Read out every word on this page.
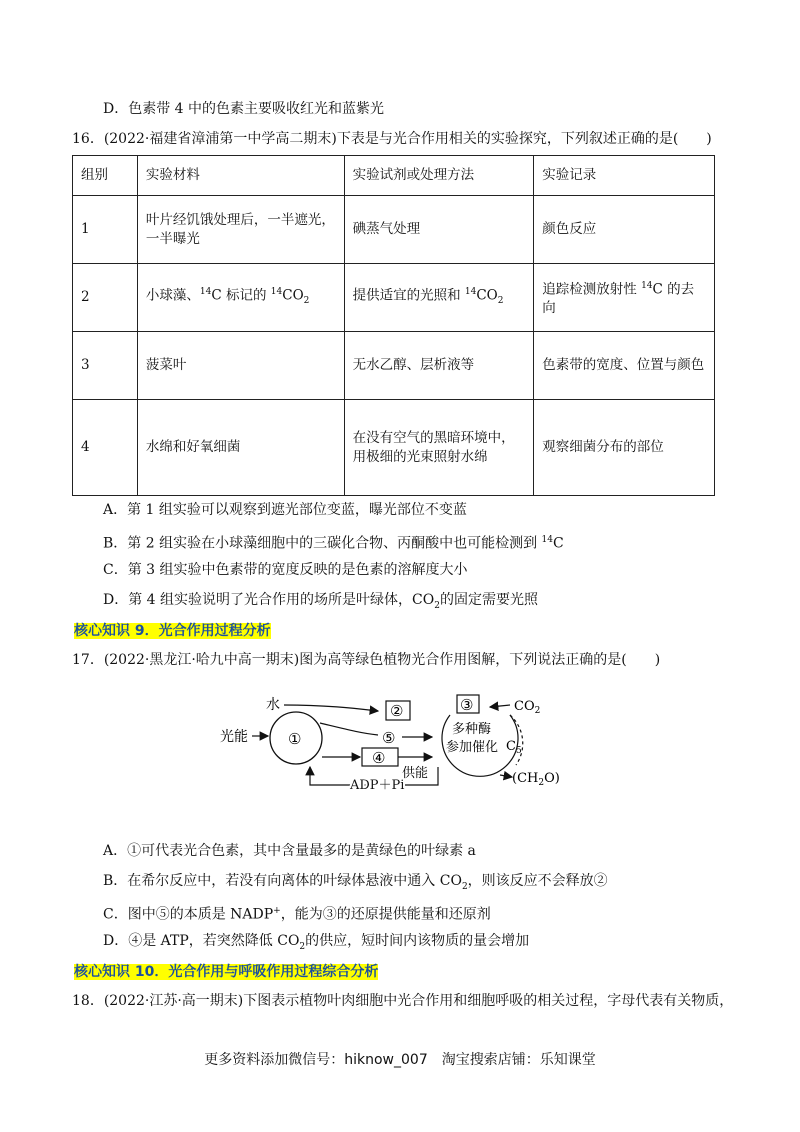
D．色素带 4 中的色素主要吸收红光和蓝紫光
16．(2022·福建省漳浦第一中学高二期末)下表是与光合作用相关的实验探究，下列叙述正确的是(　　)
组别	实验材料	实验试剂或处理方法	实验记录
1	叶片经饥饿处理后，一半遮光，一半曝光	碘蒸气处理	颜色反应
2	小球藻、$^{14}$C 标记的 $^{14}CO_2$	提供适宜的光照和 $^{14}CO_2$	追踪检测放射性 $^{14}$C 的去向
3	菠菜叶	无水乙醇、层析液等	色素带的宽度、位置与颜色
4	水绵和好氧细菌	在没有空气的黑暗环境中，用极细的光束照射水绵	观察细菌分布的部位
A．第 1 组实验可以观察到遮光部位变蓝，曝光部位不变蓝
B．第 2 组实验在小球藻细胞中的三碳化合物、丙酮酸中也可能检测到 $^{14}$C
C．第 3 组实验中色素带的宽度反映的是色素的溶解度大小
D．第 4 组实验说明了光合作用的场所是叶绿体，$CO_2$的固定需要光照
核心知识 9．光合作用过程分析
17．(2022·黑龙江·哈九中高一期末)图为高等绿色植物光合作用图解，下列说法正确的是(　　)
①
光能
水	②
⑤
④
ADP＋Pi
供能
③
多种酶
参加催化 $C_5$
$CO_2$
$(CH_2O)$
A．①可代表光合色素，其中含量最多的是黄绿色的叶绿素 a
B．在希尔反应中，若没有向离体的叶绿体悬液中通入 $CO_2$，则该反应不会释放②
C．图中⑤的本质是 NADP+，能为③的还原提供能量和还原剂
D．④是 ATP，若突然降低 $CO_2$的供应，短时间内该物质的量会增加
核心知识 10．光合作用与呼吸作用过程综合分析
18．(2022·江苏·高一期末)下图表示植物叶肉细胞中光合作用和细胞呼吸的相关过程，字母代表有关物质，
更多资料添加微信号：hiknow_007　淘宝搜索店铺：乐知课堂
